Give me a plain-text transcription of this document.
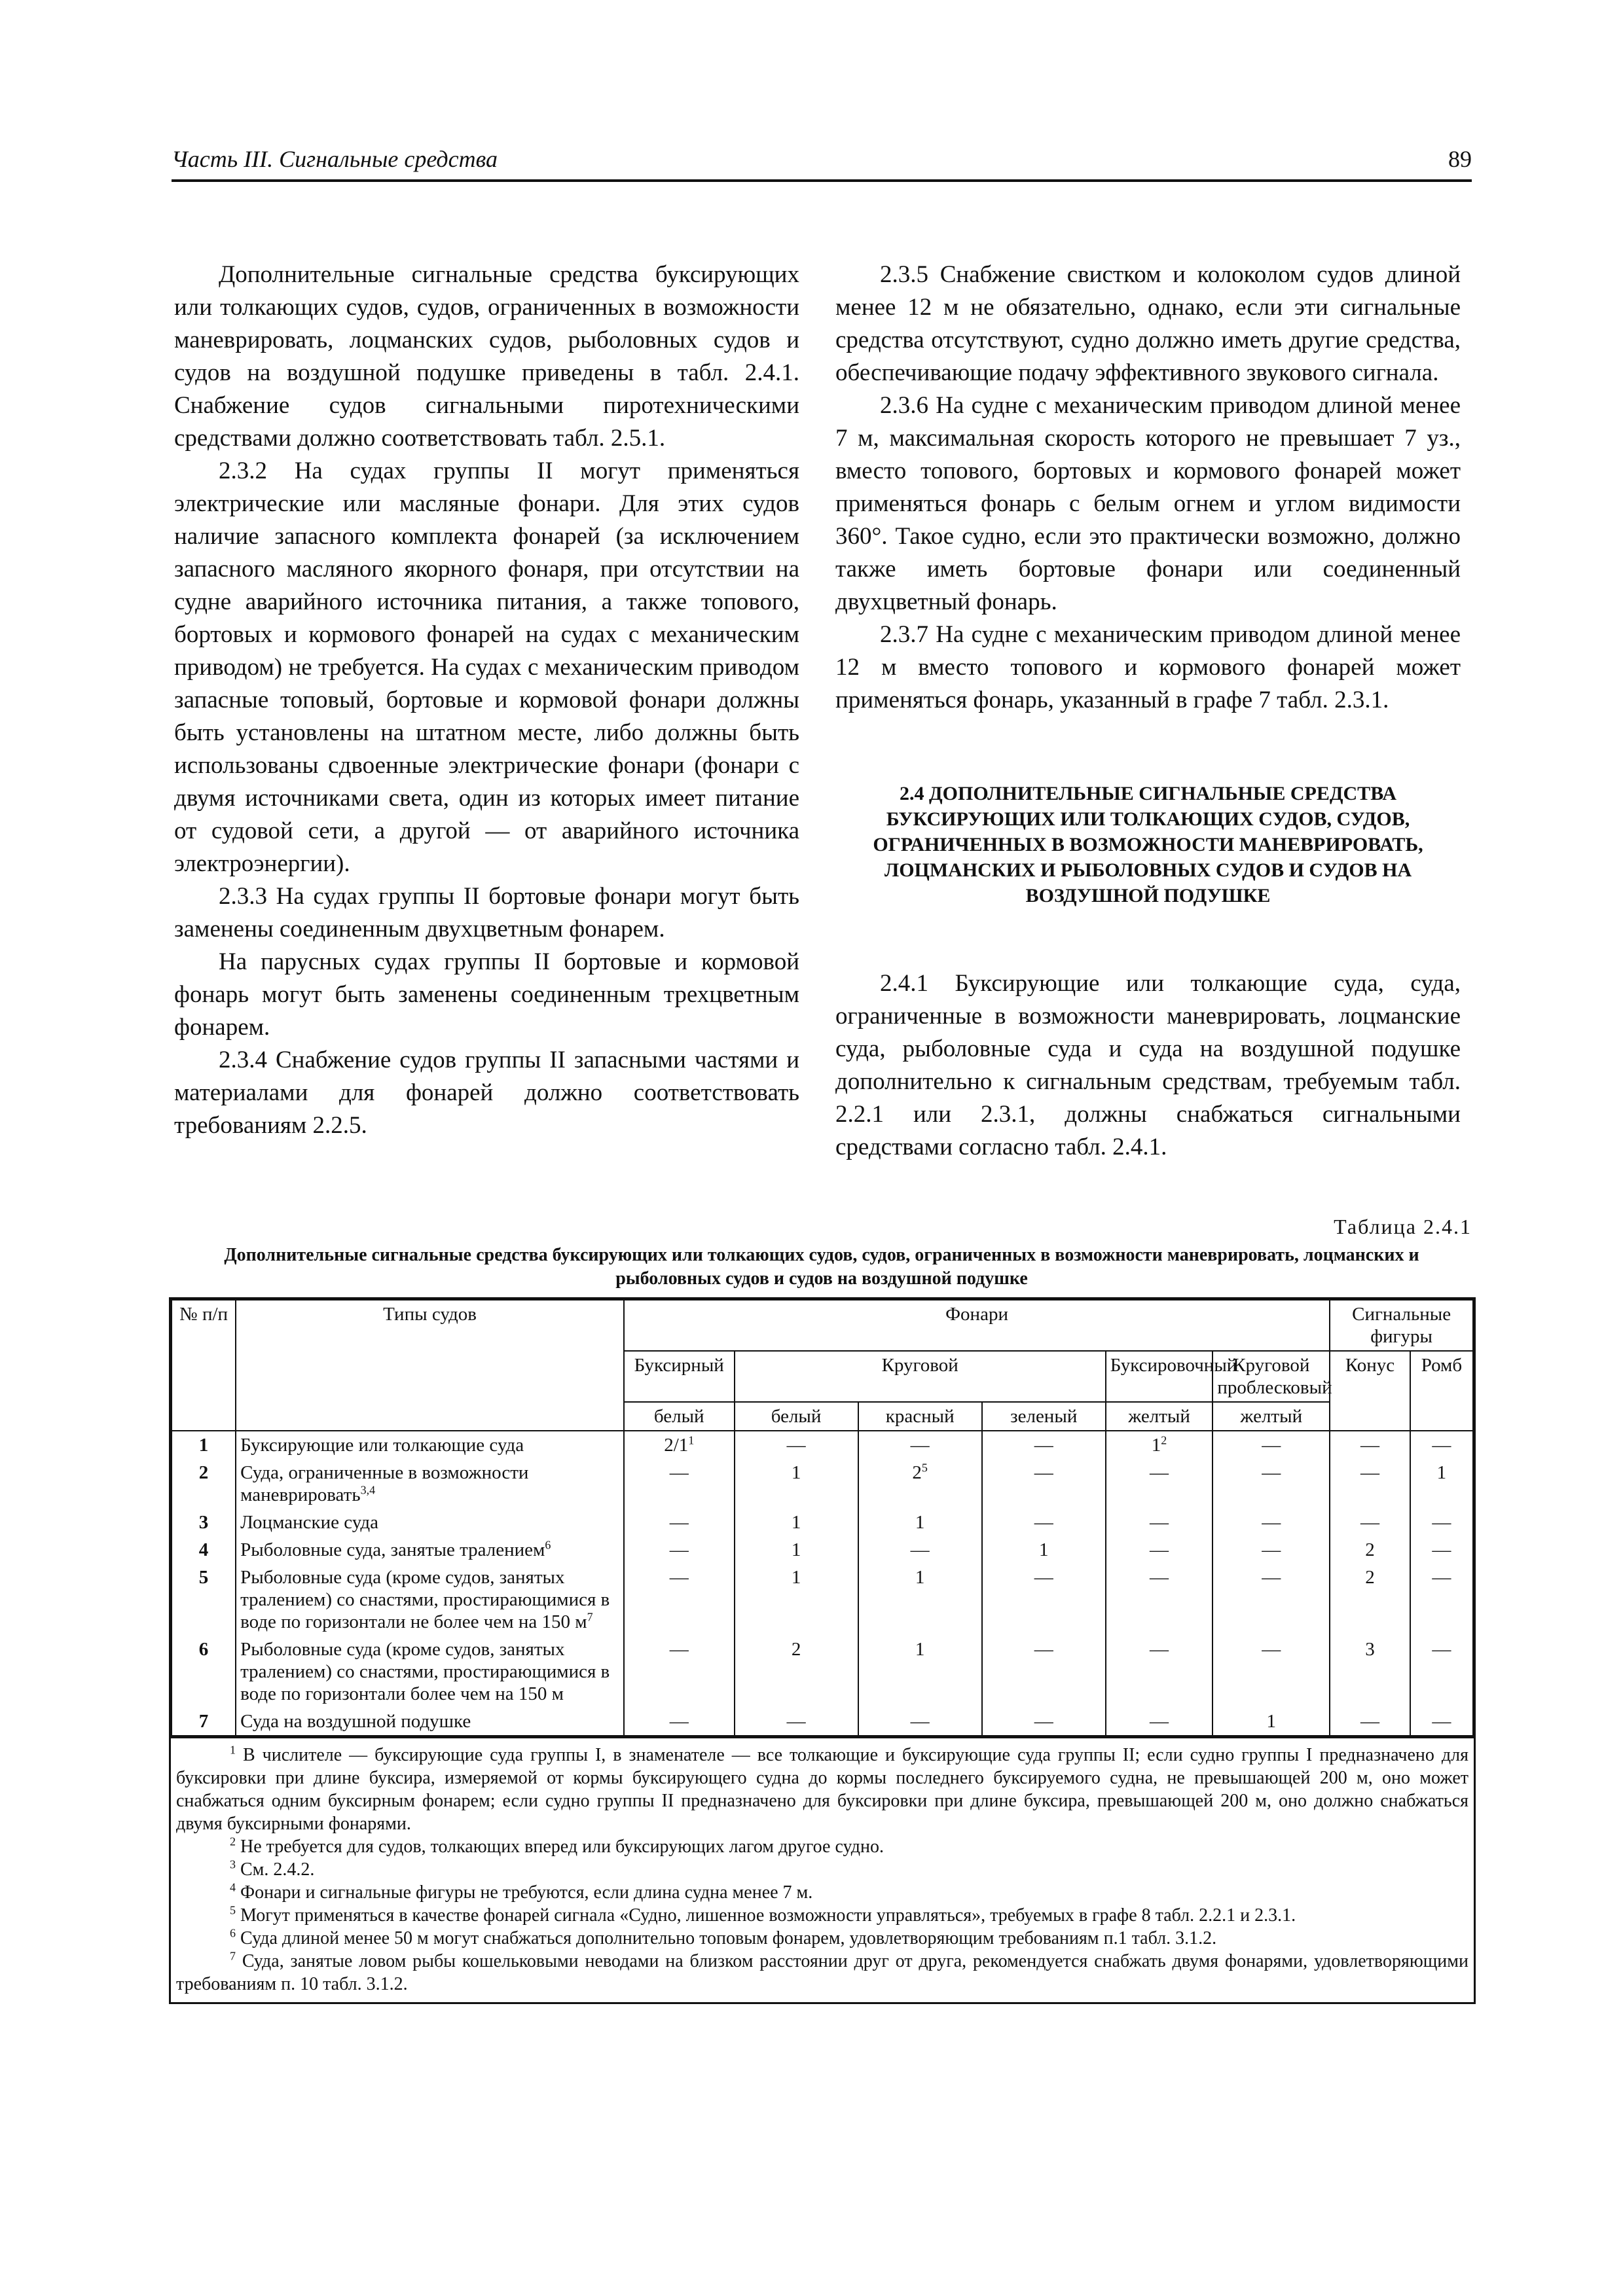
Часть III. Сигнальные средства	89

Дополнительные сигнальные средства буксирующих или толкающих судов, судов, ограниченных в возможности маневрировать, лоцманских судов, рыболовных судов и судов на воздушной подушке приведены в табл. 2.4.1. Снабжение судов сигнальными пиротехническими средствами должно соответствовать табл. 2.5.1.

2.3.2 На судах группы II могут применяться электрические или масляные фонари. Для этих судов наличие запасного комплекта фонарей (за исключением запасного масляного якорного фонаря, при отсутствии на судне аварийного источника питания, а также топового, бортовых и кормового фонарей на судах с механическим приводом) не требуется. На судах с механическим приводом запасные топовый, бортовые и кормовой фонари должны быть установлены на штатном месте, либо должны быть использованы сдвоенные электрические фонари (фонари с двумя источниками света, один из которых имеет питание от судовой сети, а другой — от аварийного источника электроэнергии).

2.3.3 На судах группы II бортовые фонари могут быть заменены соединенным двухцветным фонарем.

На парусных судах группы II бортовые и кормовой фонарь могут быть заменены соединенным трехцветным фонарем.

2.3.4 Снабжение судов группы II запасными частями и материалами для фонарей должно соответствовать требованиям 2.2.5.

2.3.5 Снабжение свистком и колоколом судов длиной менее 12 м не обязательно, однако, если эти сигнальные средства отсутствуют, судно должно иметь другие средства, обеспечивающие подачу эффективного звукового сигнала.

2.3.6 На судне с механическим приводом длиной менее 7 м, максимальная скорость которого не превышает 7 уз., вместо топового, бортовых и кормового фонарей может применяться фонарь с белым огнем и углом видимости 360°. Такое судно, если это практически возможно, должно также иметь бортовые фонари или соединенный двухцветный фонарь.

2.3.7 На судне с механическим приводом длиной менее 12 м вместо топового и кормового фонарей может применяться фонарь, указанный в графе 7 табл. 2.3.1.

2.4 ДОПОЛНИТЕЛЬНЫЕ СИГНАЛЬНЫЕ СРЕДСТВА БУКСИРУЮЩИХ ИЛИ ТОЛКАЮЩИХ СУДОВ, СУДОВ, ОГРАНИЧЕННЫХ В ВОЗМОЖНОСТИ МАНЕВРИРОВАТЬ, ЛОЦМАНСКИХ И РЫБОЛОВНЫХ СУДОВ И СУДОВ НА ВОЗДУШНОЙ ПОДУШКЕ

2.4.1 Буксирующие или толкающие суда, суда, ограниченные в возможности маневрировать, лоцманские суда, рыболовные суда и суда на воздушной подушке дополнительно к сигнальным средствам, требуемым табл. 2.2.1 или 2.3.1, должны снабжаться сигнальными средствами согласно табл. 2.4.1.

Таблица 2.4.1
Дополнительные сигнальные средства буксирующих или толкающих судов, судов, ограниченных в возможности маневрировать, лоцманских и рыболовных судов и судов на воздушной подушке
№ п/п	Типы судов	Фонари						Сигнальные фигуры	
		Буксирный	Круговой			Буксировочный	Круговой проблесковый	Конус	Ромб
		белый	белый	красный	зеленый	желтый	желтый		
1	Буксирующие или толкающие суда	$2/1^1$	—	—	—	$1^2$	—	—	—
2	Суда, ограниченные в возможности маневрировать$^{3,4}$	—	1	$2^5$	—	—	—	—	1
3	Лоцманские суда	—	1	1	—	—	—	—	—
4	Рыболовные суда, занятые тралением$^6$	—	1	—	1	—	—	2	—
5	Рыболовные суда (кроме судов, занятых тралением) со снастями, простирающимися в воде по горизонтали не более чем на 150 $м^7$	—	1	1	—	—	—	2	—
6	Рыболовные суда (кроме судов, занятых тралением) со снастями, простирающимися в воде по горизонтали более чем на 150 м	—	2	1	—	—	—	3	—
7	Суда на воздушной подушке	—	—	—	—	—	1	—	—

$^1$ В числителе — буксирующие суда группы I, в знаменателе — все толкающие и буксирующие суда группы II; если судно группы I предназначено для буксировки при длине буксира, измеряемой от кормы буксирующего судна до кормы последнего буксируемого судна, не превышающей 200 м, оно может снабжаться одним буксирным фонарем; если судно группы II предназначено для буксировки при длине буксира, превышающей 200 м, оно должно снабжаться двумя буксирными фонарями.

$^2$ Не требуется для судов, толкающих вперед или буксирующих лагом другое судно.

$^3$ См. 2.4.2.

$^4$ Фонари и сигнальные фигуры не требуются, если длина судна менее 7 м.

$^5$ Могут применяться в качестве фонарей сигнала «Судно, лишенное возможности управляться», требуемых в графе 8 табл. 2.2.1 и 2.3.1.

$^6$ Суда длиной менее 50 м могут снабжаться дополнительно топовым фонарем, удовлетворяющим требованиям п.1 табл. 3.1.2.

$^7$ Суда, занятые ловом рыбы кошельковыми неводами на близком расстоянии друг от друга, рекомендуется снабжать двумя фонарями, удовлетворяющими требованиям п. 10 табл. 3.1.2.
